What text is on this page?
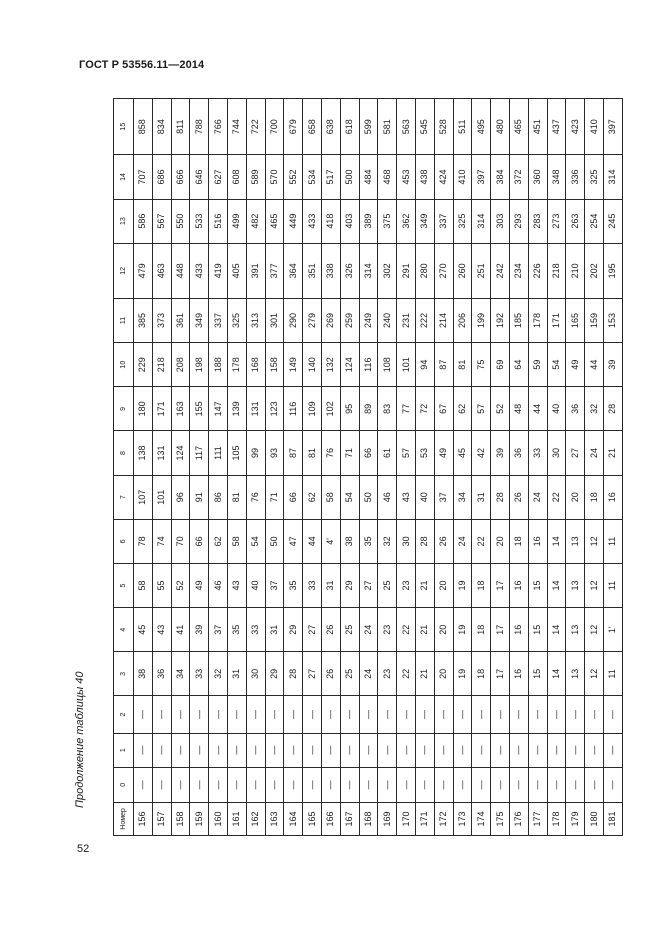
ГОСТ Р 53556.11—2014
Продолжение таблицы 40
Номер	0	1	2	3	4	5	6	7	8	9	10	11	12	13	14	15
156	—	—	—	38	45	58	78	107	138	180	229	385	479	586	707	858
157	—	—	—	36	43	55	74	101	131	171	218	373	463	567	686	834
158	—	—	—	34	41	52	70	96	124	163	208	361	448	550	666	811
159	—	—	—	33	39	49	66	91	117	155	198	349	433	533	646	788
160	—	—	—	32	37	46	62	86	111	147	188	337	419	516	627	766
161	—	—	—	31	35	43	58	81	105	139	178	325	405	499	608	744
162	—	—	—	30	33	40	54	76	99	131	168	313	391	482	589	722
163	—	—	—	29	31	37	50	71	93	123	158	301	377	465	570	700
164	—	—	—	28	29	35	47	66	87	116	149	290	364	449	552	679
165	—	—	—	27	27	33	44	62	81	109	140	279	351	433	534	658
166	—	—	—	26	26	31	4'	58	76	102	132	269	338	418	517	638
167	—	—	—	25	25	29	38	54	71	95	124	259	326	403	500	618
168	—	—	—	24	24	27	35	50	66	89	116	249	314	389	484	599
169	—	—	—	23	23	25	32	46	61	83	108	240	302	375	468	581
170	—	—	—	22	22	23	30	43	57	77	101	231	291	362	453	563
171	—	—	—	21	21	21	28	40	53	72	94	222	280	349	438	545
172	—	—	—	20	20	20	26	37	49	67	87	214	270	337	424	528
173	—	—	—	19	19	19	24	34	45	62	81	206	260	325	410	511
174	—	—	—	18	18	18	22	31	42	57	75	199	251	314	397	495
175	—	—	—	17	17	17	20	28	39	52	69	192	242	303	384	480
176	—	—	—	16	16	16	18	26	36	48	64	185	234	293	372	465
177	—	—	—	15	15	15	16	24	33	44	59	178	226	283	360	451
178	—	—	—	14	14	14	14	22	30	40	54	171	218	273	348	437
179	—	—	—	13	13	13	13	20	27	36	49	165	210	263	336	423
180	—	—	—	12	12	12	12	18	24	32	44	159	202	254	325	410
181	—	—	—	11	1'	11	11	16	21	28	39	153	195	245	314	397
52
